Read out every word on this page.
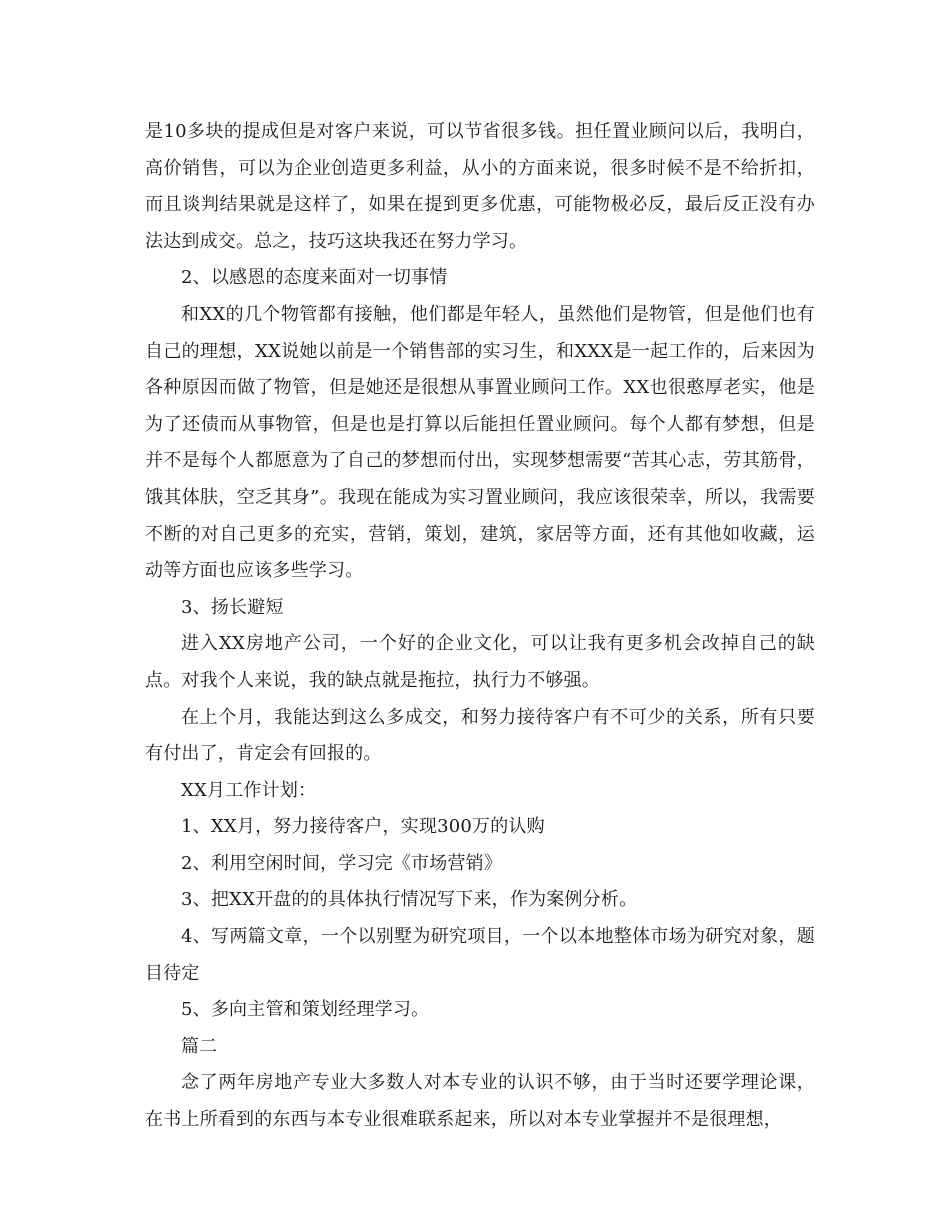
是10多块的提成但是对客户来说，可以节省很多钱。担任置业顾问以后，我明白，高价销售，可以为企业创造更多利益，从小的方面来说，很多时候不是不给折扣，而且谈判结果就是这样了，如果在提到更多优惠，可能物极必反，最后反正没有办法达到成交。总之，技巧这块我还在努力学习。

2、以感恩的态度来面对一切事情

和XX的几个物管都有接触，他们都是年轻人，虽然他们是物管，但是他们也有自己的理想，XX说她以前是一个销售部的实习生，和XXX是一起工作的，后来因为各种原因而做了物管，但是她还是很想从事置业顾问工作。XX也很憨厚老实，他是为了还债而从事物管，但是也是打算以后能担任置业顾问。每个人都有梦想，但是并不是每个人都愿意为了自己的梦想而付出，实现梦想需要“苦其心志，劳其筋骨，饿其体肤，空乏其身”。我现在能成为实习置业顾问，我应该很荣幸，所以，我需要不断的对自己更多的充实，营销，策划，建筑，家居等方面，还有其他如收藏，运动等方面也应该多些学习。

3、扬长避短

进入XX房地产公司，一个好的企业文化，可以让我有更多机会改掉自己的缺点。对我个人来说，我的缺点就是拖拉，执行力不够强。

在上个月，我能达到这么多成交，和努力接待客户有不可少的关系，所有只要有付出了，肯定会有回报的。

XX月工作计划：

1、XX月，努力接待客户，实现300万的认购

2、利用空闲时间，学习完《市场营销》

3、把XX开盘的的具体执行情况写下来，作为案例分析。

4、写两篇文章，一个以别墅为研究项目，一个以本地整体市场为研究对象，题目待定

5、多向主管和策划经理学习。

篇二

念了两年房地产专业大多数人对本专业的认识不够，由于当时还要学理论课，在书上所看到的东西与本专业很难联系起来，所以对本专业掌握并不是很理想，
